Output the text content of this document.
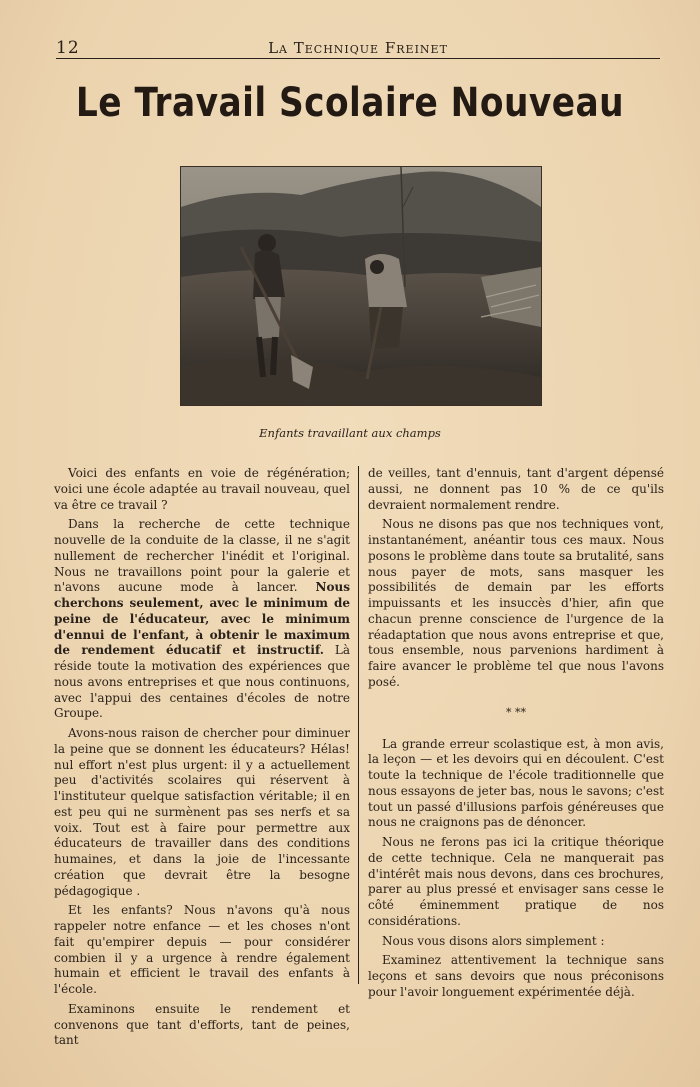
12	La Technique Freinet
Le Travail Scolaire Nouveau
Enfants travaillant aux champs

Voici des enfants en voie de régénération; voici une école adaptée au travail nouveau, quel va être ce travail ?

Dans la recherche de cette technique nouvelle de la conduite de la classe, il ne s'agit nullement de rechercher l'inédit et l'original. Nous ne travaillons point pour la galerie et n'avons aucune mode à lancer. Nous cherchons seulement, avec le minimum de peine de l'éducateur, avec le minimum d'ennui de l'enfant, à obtenir le maximum de rendement éducatif et instructif. Là réside toute la motivation des expériences que nous avons entreprises et que nous continuons, avec l'appui des centaines d'écoles de notre Groupe.

Avons-nous raison de chercher pour diminuer la peine que se donnent les éducateurs? Hélas! nul effort n'est plus urgent: il y a actuellement peu d'activités scolaires qui réservent à l'instituteur quelque satisfaction véritable; il en est peu qui ne surmènent pas ses nerfs et sa voix. Tout est à faire pour permettre aux éducateurs de travailler dans des conditions humaines, et dans la joie de l'incessante création que devrait être la besogne pédagogique .

Et les enfants? Nous n'avons qu'à nous rappeler notre enfance — et les choses n'ont fait qu'empirer depuis — pour considérer combien il y a urgence à rendre également humain et efficient le travail des enfants à l'école.

Examinons ensuite le rendement et convenons que tant d'efforts, tant de peines, tant

de veilles, tant d'ennuis, tant d'argent dépensé aussi, ne donnent pas 10 % de ce qu'ils devraient normalement rendre.

Nous ne disons pas que nos techniques vont, instantanément, anéantir tous ces maux. Nous posons le problème dans toute sa brutalité, sans nous payer de mots, sans masquer les possibilités de demain par les efforts impuissants et les insuccès d'hier, afin que chacun prenne conscience de l'urgence de la réadaptation que nous avons entreprise et que, tous ensemble, nous parvenions hardiment à faire avancer le problème tel que nous l'avons posé.

* **

La grande erreur scolastique est, à mon avis, la leçon — et les devoirs qui en découlent. C'est toute la technique de l'école traditionnelle que nous essayons de jeter bas, nous le savons; c'est tout un passé d'illusions parfois généreuses que nous ne craignons pas de dénoncer.

Nous ne ferons pas ici la critique théorique de cette technique. Cela ne manquerait pas d'intérêt mais nous devons, dans ces brochures, parer au plus pressé et envisager sans cesse le côté éminemment pratique de nos considérations.

Nous vous disons alors simplement :

Examinez attentivement la technique sans leçons et sans devoirs que nous préconisons pour l'avoir longuement expérimentée déjà.
